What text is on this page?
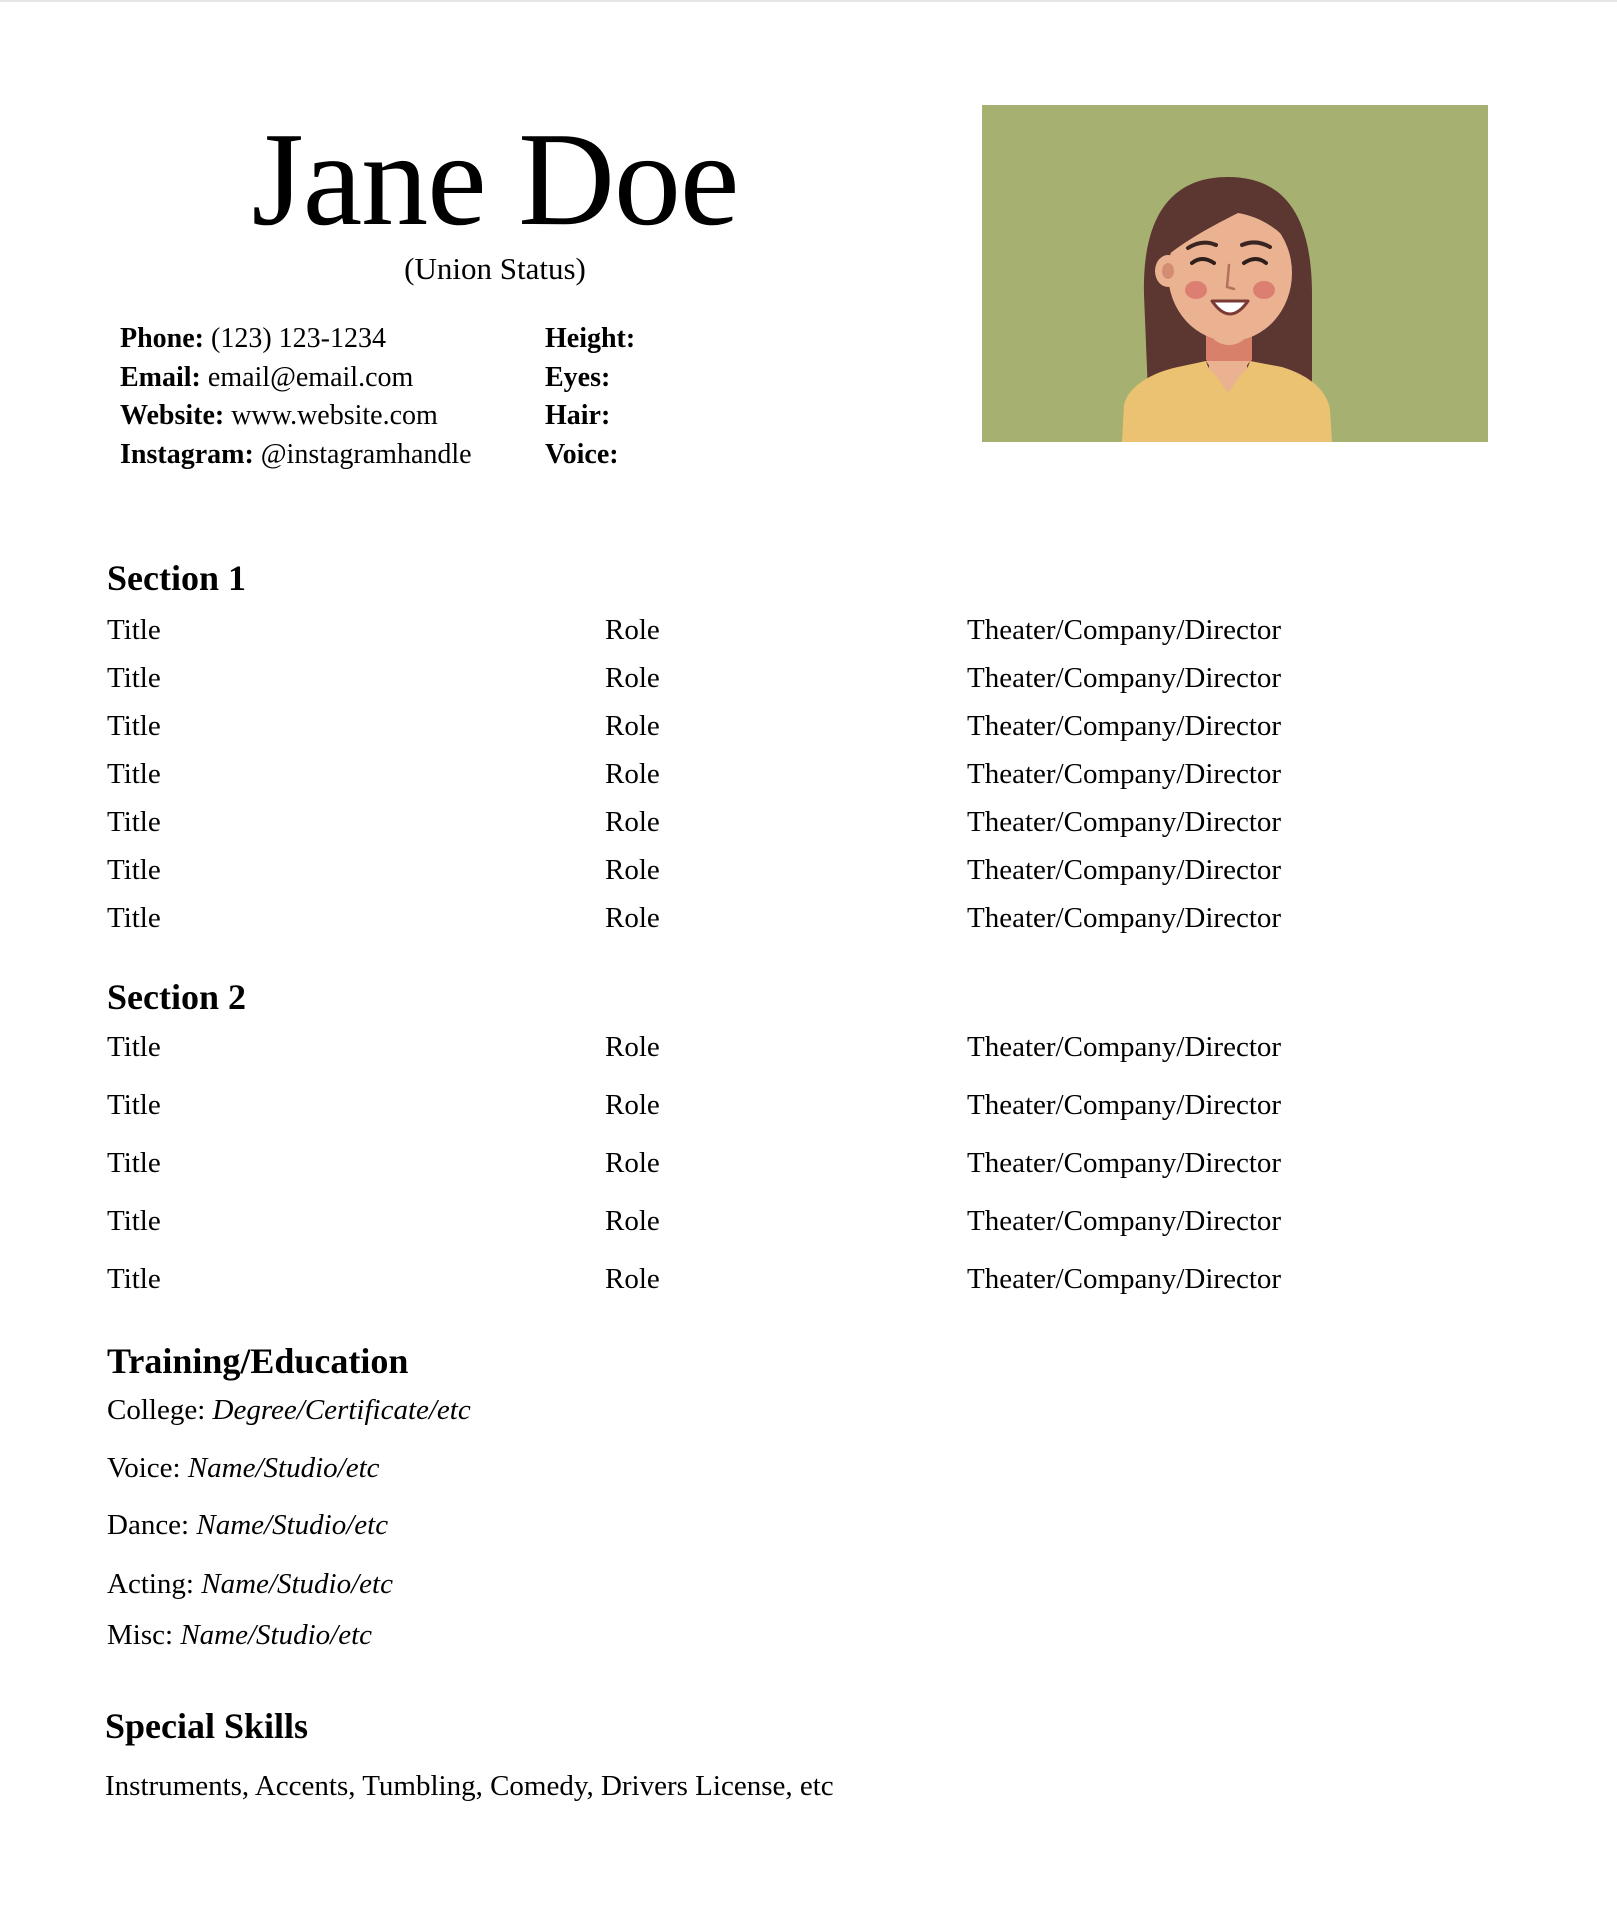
Jane Doe
(Union Status)
Phone: (123) 123-1234
Email: email@email.com
Website: www.website.com
Instagram: @instagramhandle
Height:
Eyes:
Hair:
Voice:
Section 1
Title	Role	Theater/Company/Director
Title	Role	Theater/Company/Director
Title	Role	Theater/Company/Director
Title	Role	Theater/Company/Director
Title	Role	Theater/Company/Director
Title	Role	Theater/Company/Director
Title	Role	Theater/Company/Director
Section 2
Title	Role	Theater/Company/Director
Title	Role	Theater/Company/Director
Title	Role	Theater/Company/Director
Title	Role	Theater/Company/Director
Title	Role	Theater/Company/Director
Training/Education
College: Degree/Certificate/etc
Voice: Name/Studio/etc
Dance: Name/Studio/etc
Acting: Name/Studio/etc
Misc: Name/Studio/etc
Special Skills
Instruments, Accents, Tumbling, Comedy, Drivers License, etc
